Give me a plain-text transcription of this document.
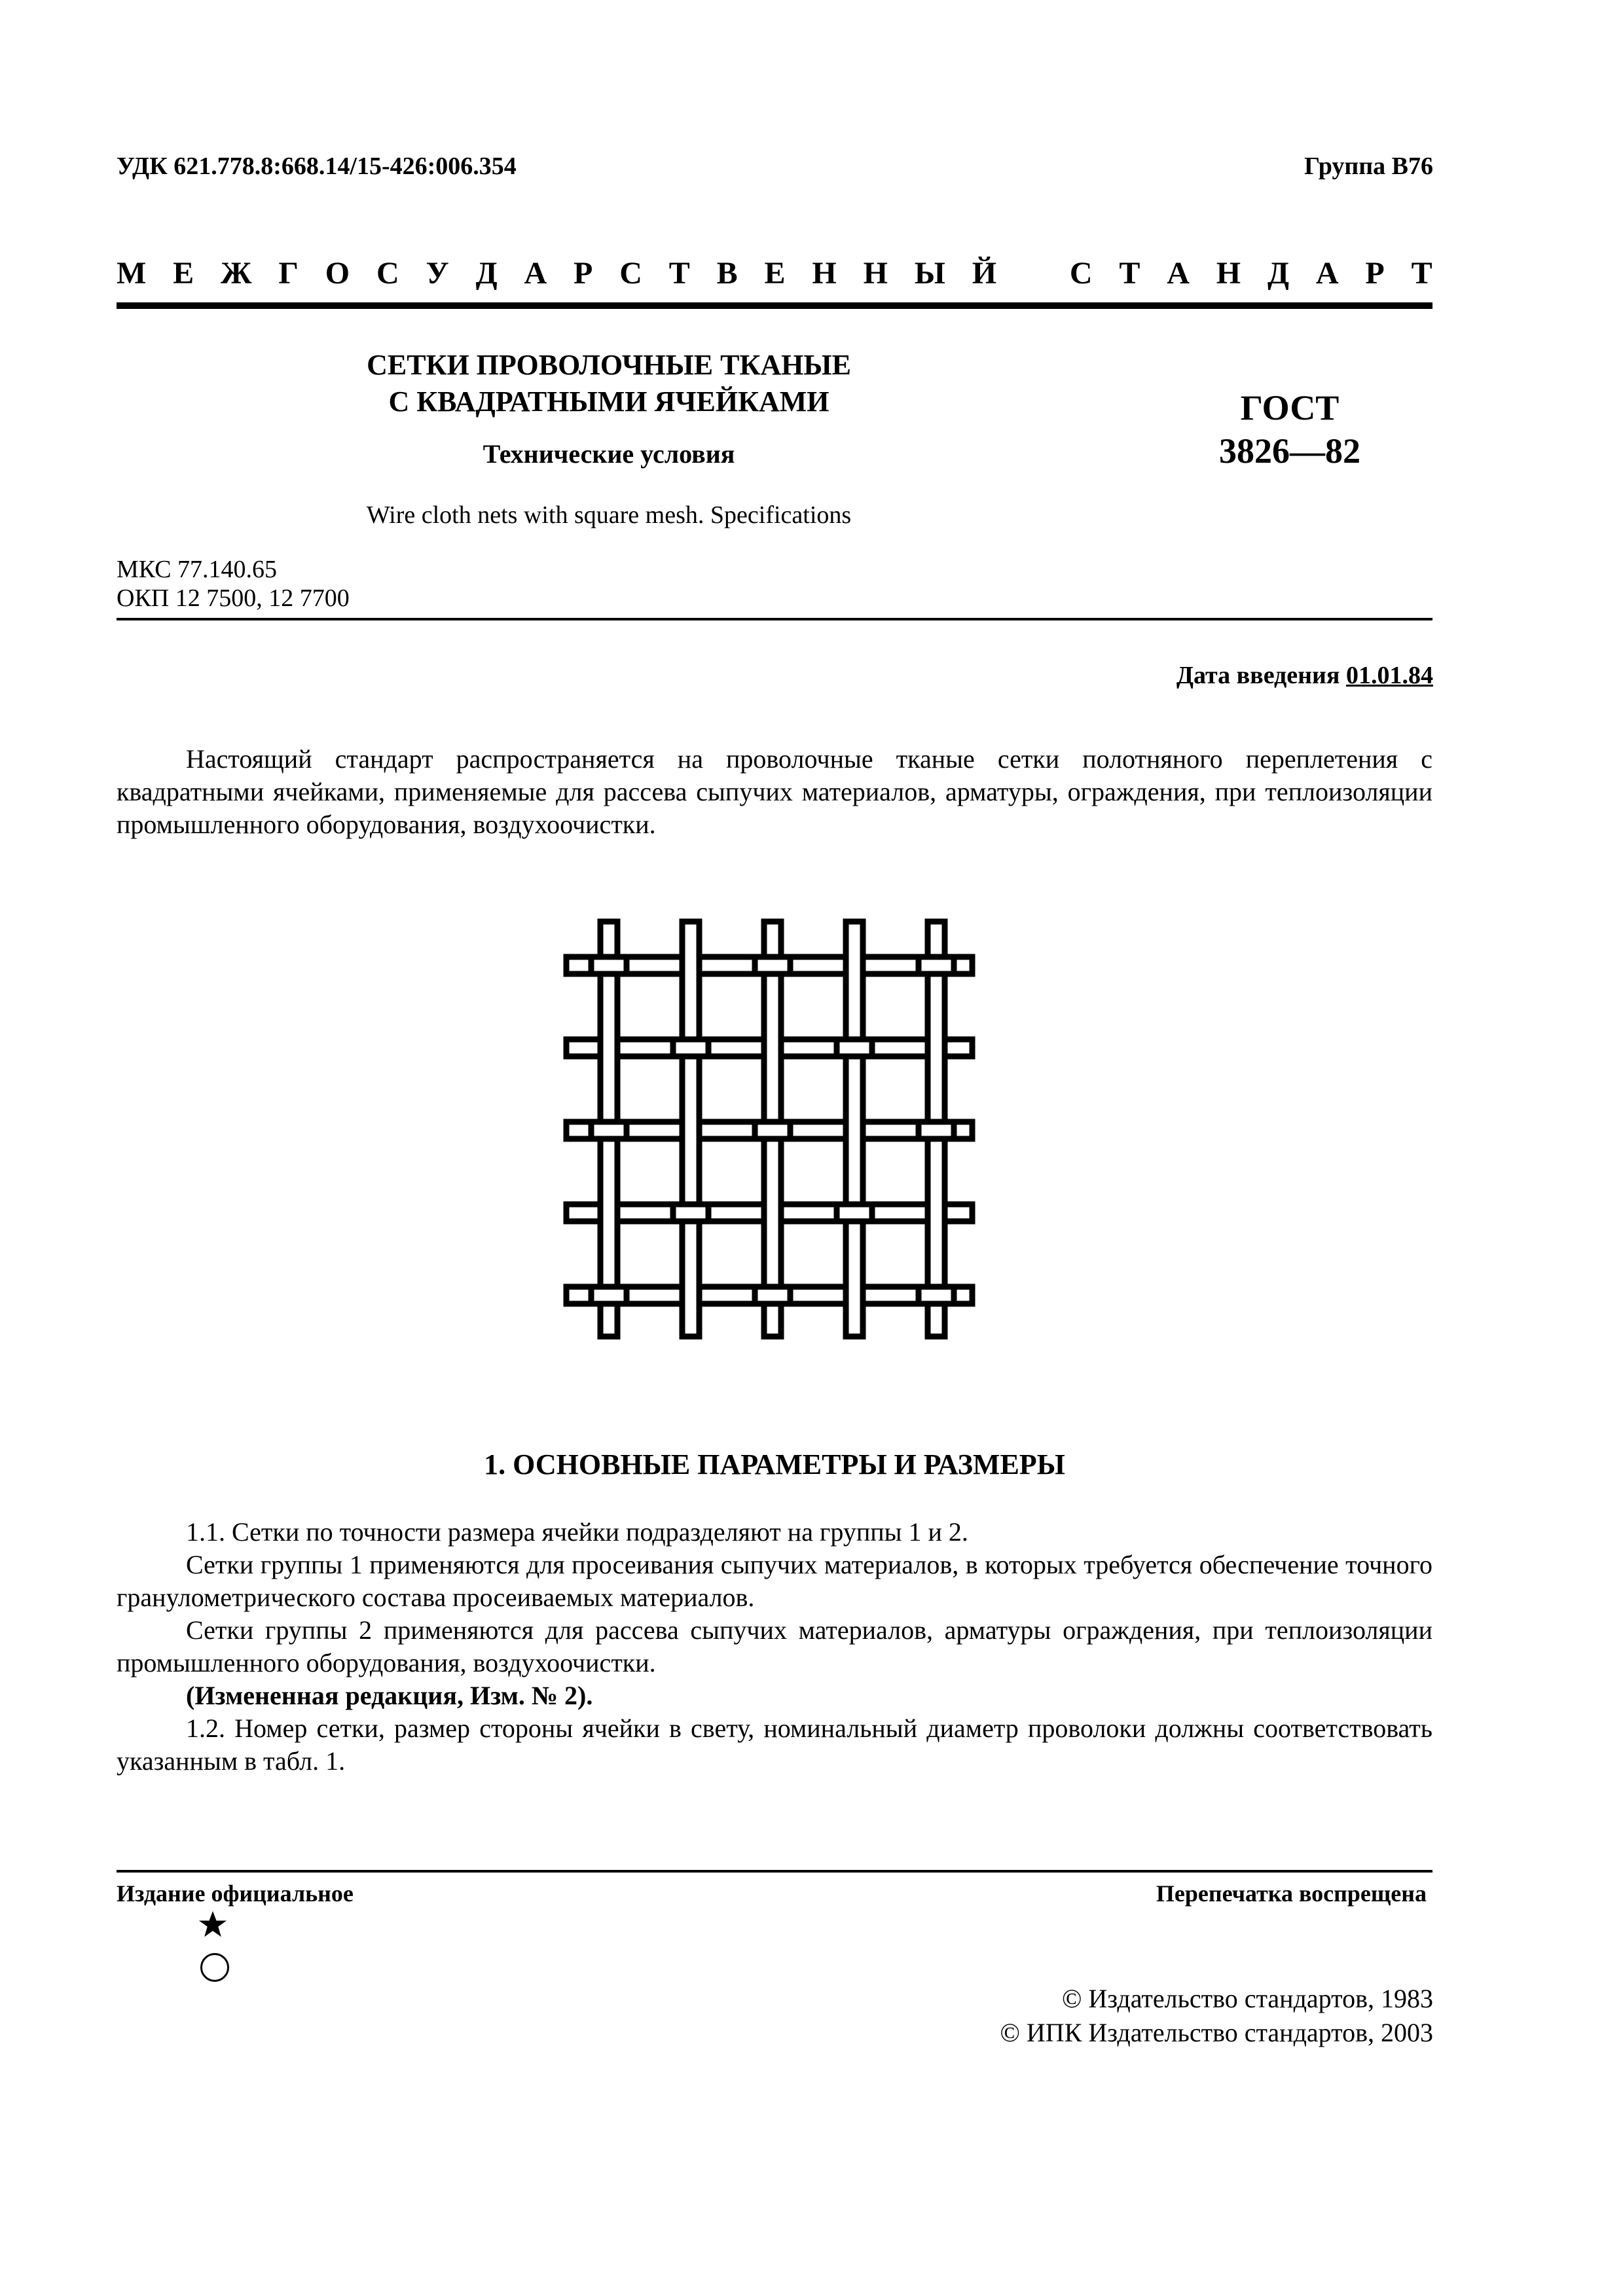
УДК 621.778.8:668.14/15-426:006.354	Группа В76
М Е Ж Г О С У Д А Р С Т В Е Н Н Ы Й С Т А Н Д А Р Т
СЕТКИ ПРОВОЛОЧНЫЕ ТКАНЫЕ
С КВАДРАТНЫМИ ЯЧЕЙКАМИ
Технические условия
Wire cloth nets with square mesh. Specifications
ГОСТ
3826—82
МКС 77.140.65
ОКП 12 7500, 12 7700
Дата введения 01.01.84
Настоящий стандарт распространяется на проволочные тканые сетки полотняного переплетения с квадратными ячейками, применяемые для рассева сыпучих материалов, арматуры, ограждения, при теплоизоляции промышленного оборудования, воздухоочистки.
1. ОСНОВНЫЕ ПАРАМЕТРЫ И РАЗМЕРЫ
1.1. Сетки по точности размера ячейки подразделяют на группы 1 и 2.
Сетки группы 1 применяются для просеивания сыпучих материалов, в которых требуется обеспечение точного гранулометрического состава просеиваемых материалов.
Сетки группы 2 применяются для рассева сыпучих материалов, арматуры ограждения, при теплоизоляции промышленного оборудования, воздухоочистки.
(Измененная редакция, Изм. № 2).
1.2. Номер сетки, размер стороны ячейки в свету, номинальный диаметр проволоки должны соответствовать указанным в табл. 1.
Издание официальное	Перепечатка воспрещена
© Издательство стандартов, 1983
© ИПК Издательство стандартов, 2003
